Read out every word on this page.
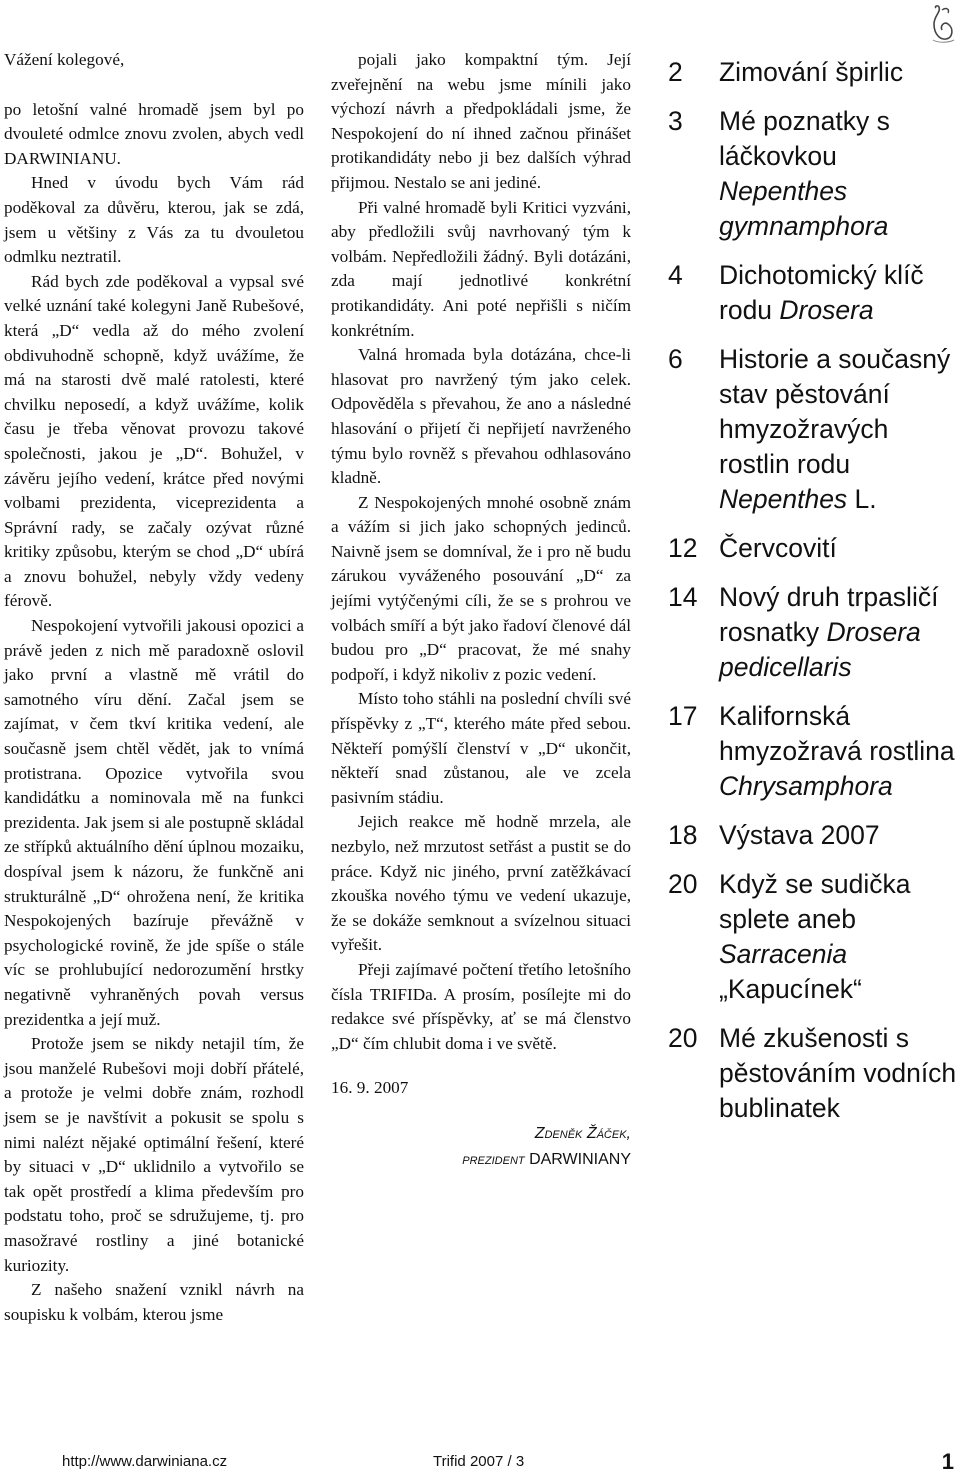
Vážení kolegové,

po letošní valné hromadě jsem byl po dvouleté odmlce znovu zvolen, abych vedl DARWINIANU.

Hned v úvodu bych Vám rád poděkoval za důvěru, kterou, jak se zdá, jsem u většiny z Vás za tu dvouletou odmlku neztratil.

Rád bych zde poděkoval a vypsal své velké uznání také kolegyni Janě Rubešové, která „D“ vedla až do mého zvolení obdivuhodně schopně, když uvážíme, že má na starosti dvě malé ratolesti, které chvilku neposedí, a když uvážíme, kolik času je třeba věnovat provozu takové společnosti, jakou je „D“. Bohužel, v závěru jejího vedení, krátce před novými volbami prezidenta, viceprezidenta a Správní rady, se začaly ozývat různé kritiky způsobu, kterým se chod „D“ ubírá a znovu bohužel, nebyly vždy vedeny férově.

Nespokojení vytvořili jakousi opozici a právě jeden z nich mě paradoxně oslovil jako první a vlastně mě vrátil do samotného víru dění. Začal jsem se zajímat, v čem tkví kritika vedení, ale současně jsem chtěl vědět, jak to vnímá protistrana. Opozice vytvořila svou kandidátku a nominovala mě na funkci prezidenta. Jak jsem si ale postupně skládal ze střípků aktuálního dění úplnou mozaiku, dospíval jsem k názoru, že funkčně ani strukturálně „D“ ohrožena není, že kritika Nespokojených bazíruje převážně v psychologické rovině, že jde spíše o stále víc se prohlubující nedorozumění hrstky negativně vyhraněných povah versus prezidentka a její muž.

Protože jsem se nikdy netajil tím, že jsou manželé Rubešovi moji dobří přátelé, a protože je velmi dobře znám, rozhodl jsem se je navštívit a pokusit se spolu s nimi nalézt nějaké optimální řešení, které by situaci v „D“ uklidnilo a vytvořilo se tak opět prostředí a klima především pro podstatu toho, proč se sdružujeme, tj. pro masožravé rostliny a jiné botanické kuriozity.

Z našeho snažení vznikl návrh na soupisku k volbám, kterou jsme

pojali jako kompaktní tým. Její zveřejnění na webu jsme mínili jako výchozí návrh a předpokládali jsme, že Nespokojení do ní ihned začnou přinášet protikandidáty nebo ji bez dalších výhrad přijmou. Nestalo se ani jediné.

Při valné hromadě byli Kritici vyzváni, aby předložili svůj navrhovaný tým k volbám. Nepředložili žádný. Byli dotázáni, zda mají jednotlivé konkrétní protikandidáty. Ani poté nepřišli s ničím konkrétním.

Valná hromada byla dotázána, chce-li hlasovat pro navržený tým jako celek. Odpověděla s převahou, že ano a následné hlasování o přijetí či nepřijetí navrženého týmu bylo rovněž s převahou odhlasováno kladně.

Z Nespokojených mnohé osobně znám a vážím si jich jako schopných jedinců. Naivně jsem se domníval, že i pro ně budu zárukou vyváženého posouvání „D“ za jejími vytýčenými cíli, že se s prohrou ve volbách smíří a být jako řadoví členové dál budou pro „D“ pracovat, že mé snahy podpoří, i když nikoliv z pozic vedení.

Místo toho stáhli na poslední chvíli své příspěvky z „T“, kterého máte před sebou. Někteří pomýšlí členství v „D“ ukončit, někteří snad zůstanou, ale ve zcela pasivním stádiu.

Jejich reakce mě hodně mrzela, ale nezbylo, než mrzutost setřást a pustit se do práce. Když nic jiného, první zatěžkávací zkouška nového týmu ve vedení ukazuje, že se dokáže semknout a svízelnou situaci vyřešit.

Přeji zajímavé počtení třetího letošního čísla TRIFIDa. A prosím, posílejte mi do redakce své příspěvky, ať se má členstvo „D“ čím chlubit doma i ve světě.

16. 9. 2007

Zdeněk Žáček,
prezident DARWINIANY
2	Zimování špirlic
3	Mé poznatky s láčkovkou Nepenthes gymnamphora
4	Dichotomický klíč rodu Drosera
6	Historie a současný stav pěstování hmyzožravých rostlin rodu Nepenthes L.
12 Červcovití
14 Nový druh trpasličí rosnatky Drosera pedicellaris
17 Kalifornská hmyzožravá rostlina Chrysamphora
18 Výstava 2007
20 Když se sudička splete aneb Sarracenia „Kapucínek“
20 Mé zkušenosti s pěstováním vodních bublinatek
http://www.darwiniana.cz	Trifid 2007 / 3	1
